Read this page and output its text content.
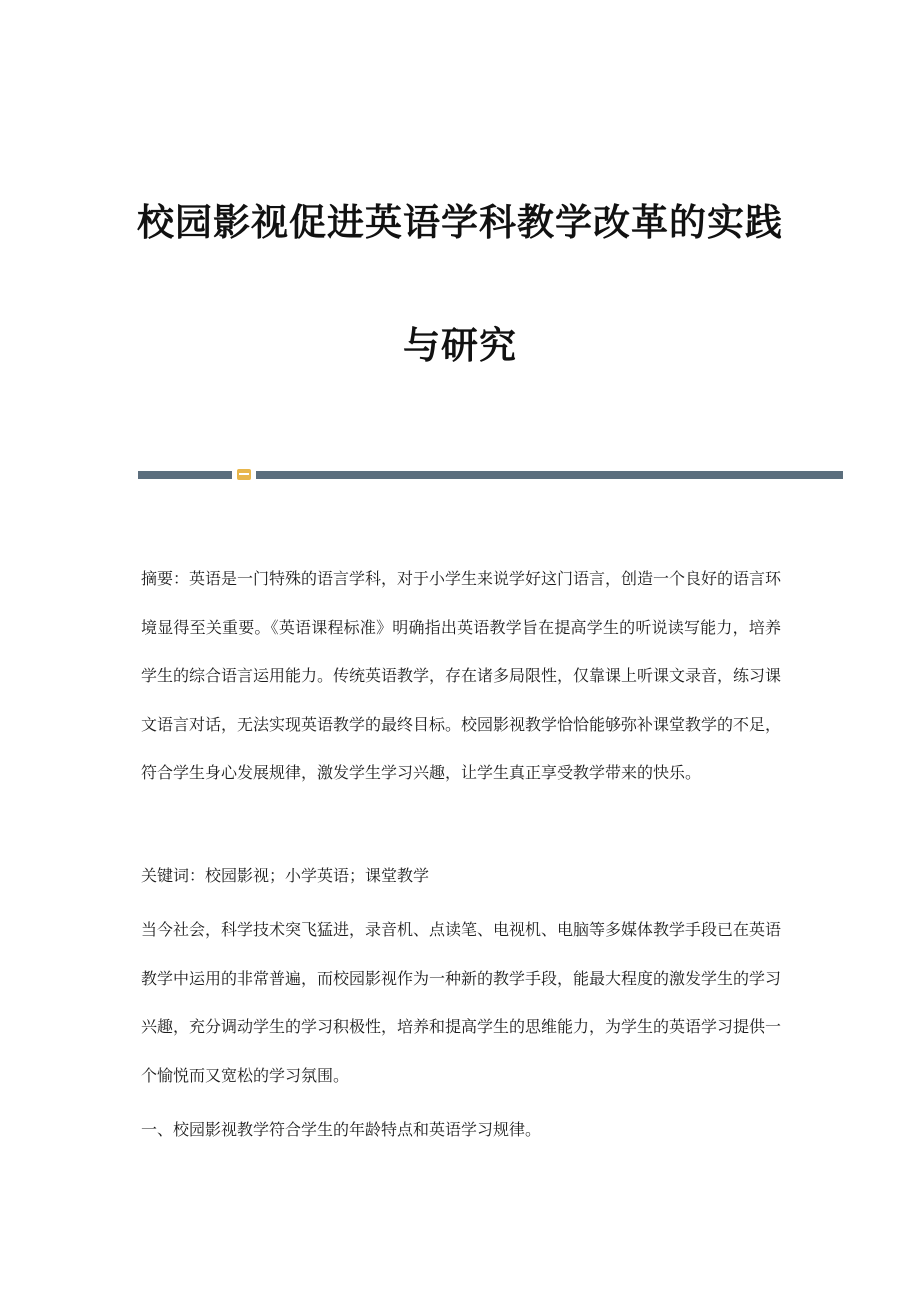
校园影视促进英语学科教学改革的实践
与研究

摘要：英语是一门特殊的语言学科，对于小学生来说学好这门语言，创造一个良好的语言环境显得至关重要。《英语课程标准》明确指出英语教学旨在提高学生的听说读写能力，培养学生的综合语言运用能力。传统英语教学，存在诸多局限性，仅靠课上听课文录音，练习课文语言对话，无法实现英语教学的最终目标。校园影视教学恰恰能够弥补课堂教学的不足，符合学生身心发展规律，激发学生学习兴趣，让学生真正享受教学带来的快乐。

关键词：校园影视；小学英语；课堂教学

当今社会，科学技术突飞猛进，录音机、点读笔、电视机、电脑等多媒体教学手段已在英语教学中运用的非常普遍，而校园影视作为一种新的教学手段，能最大程度的激发学生的学习兴趣，充分调动学生的学习积极性，培养和提高学生的思维能力，为学生的英语学习提供一个愉悦而又宽松的学习氛围。

一、校园影视教学符合学生的年龄特点和英语学习规律。
